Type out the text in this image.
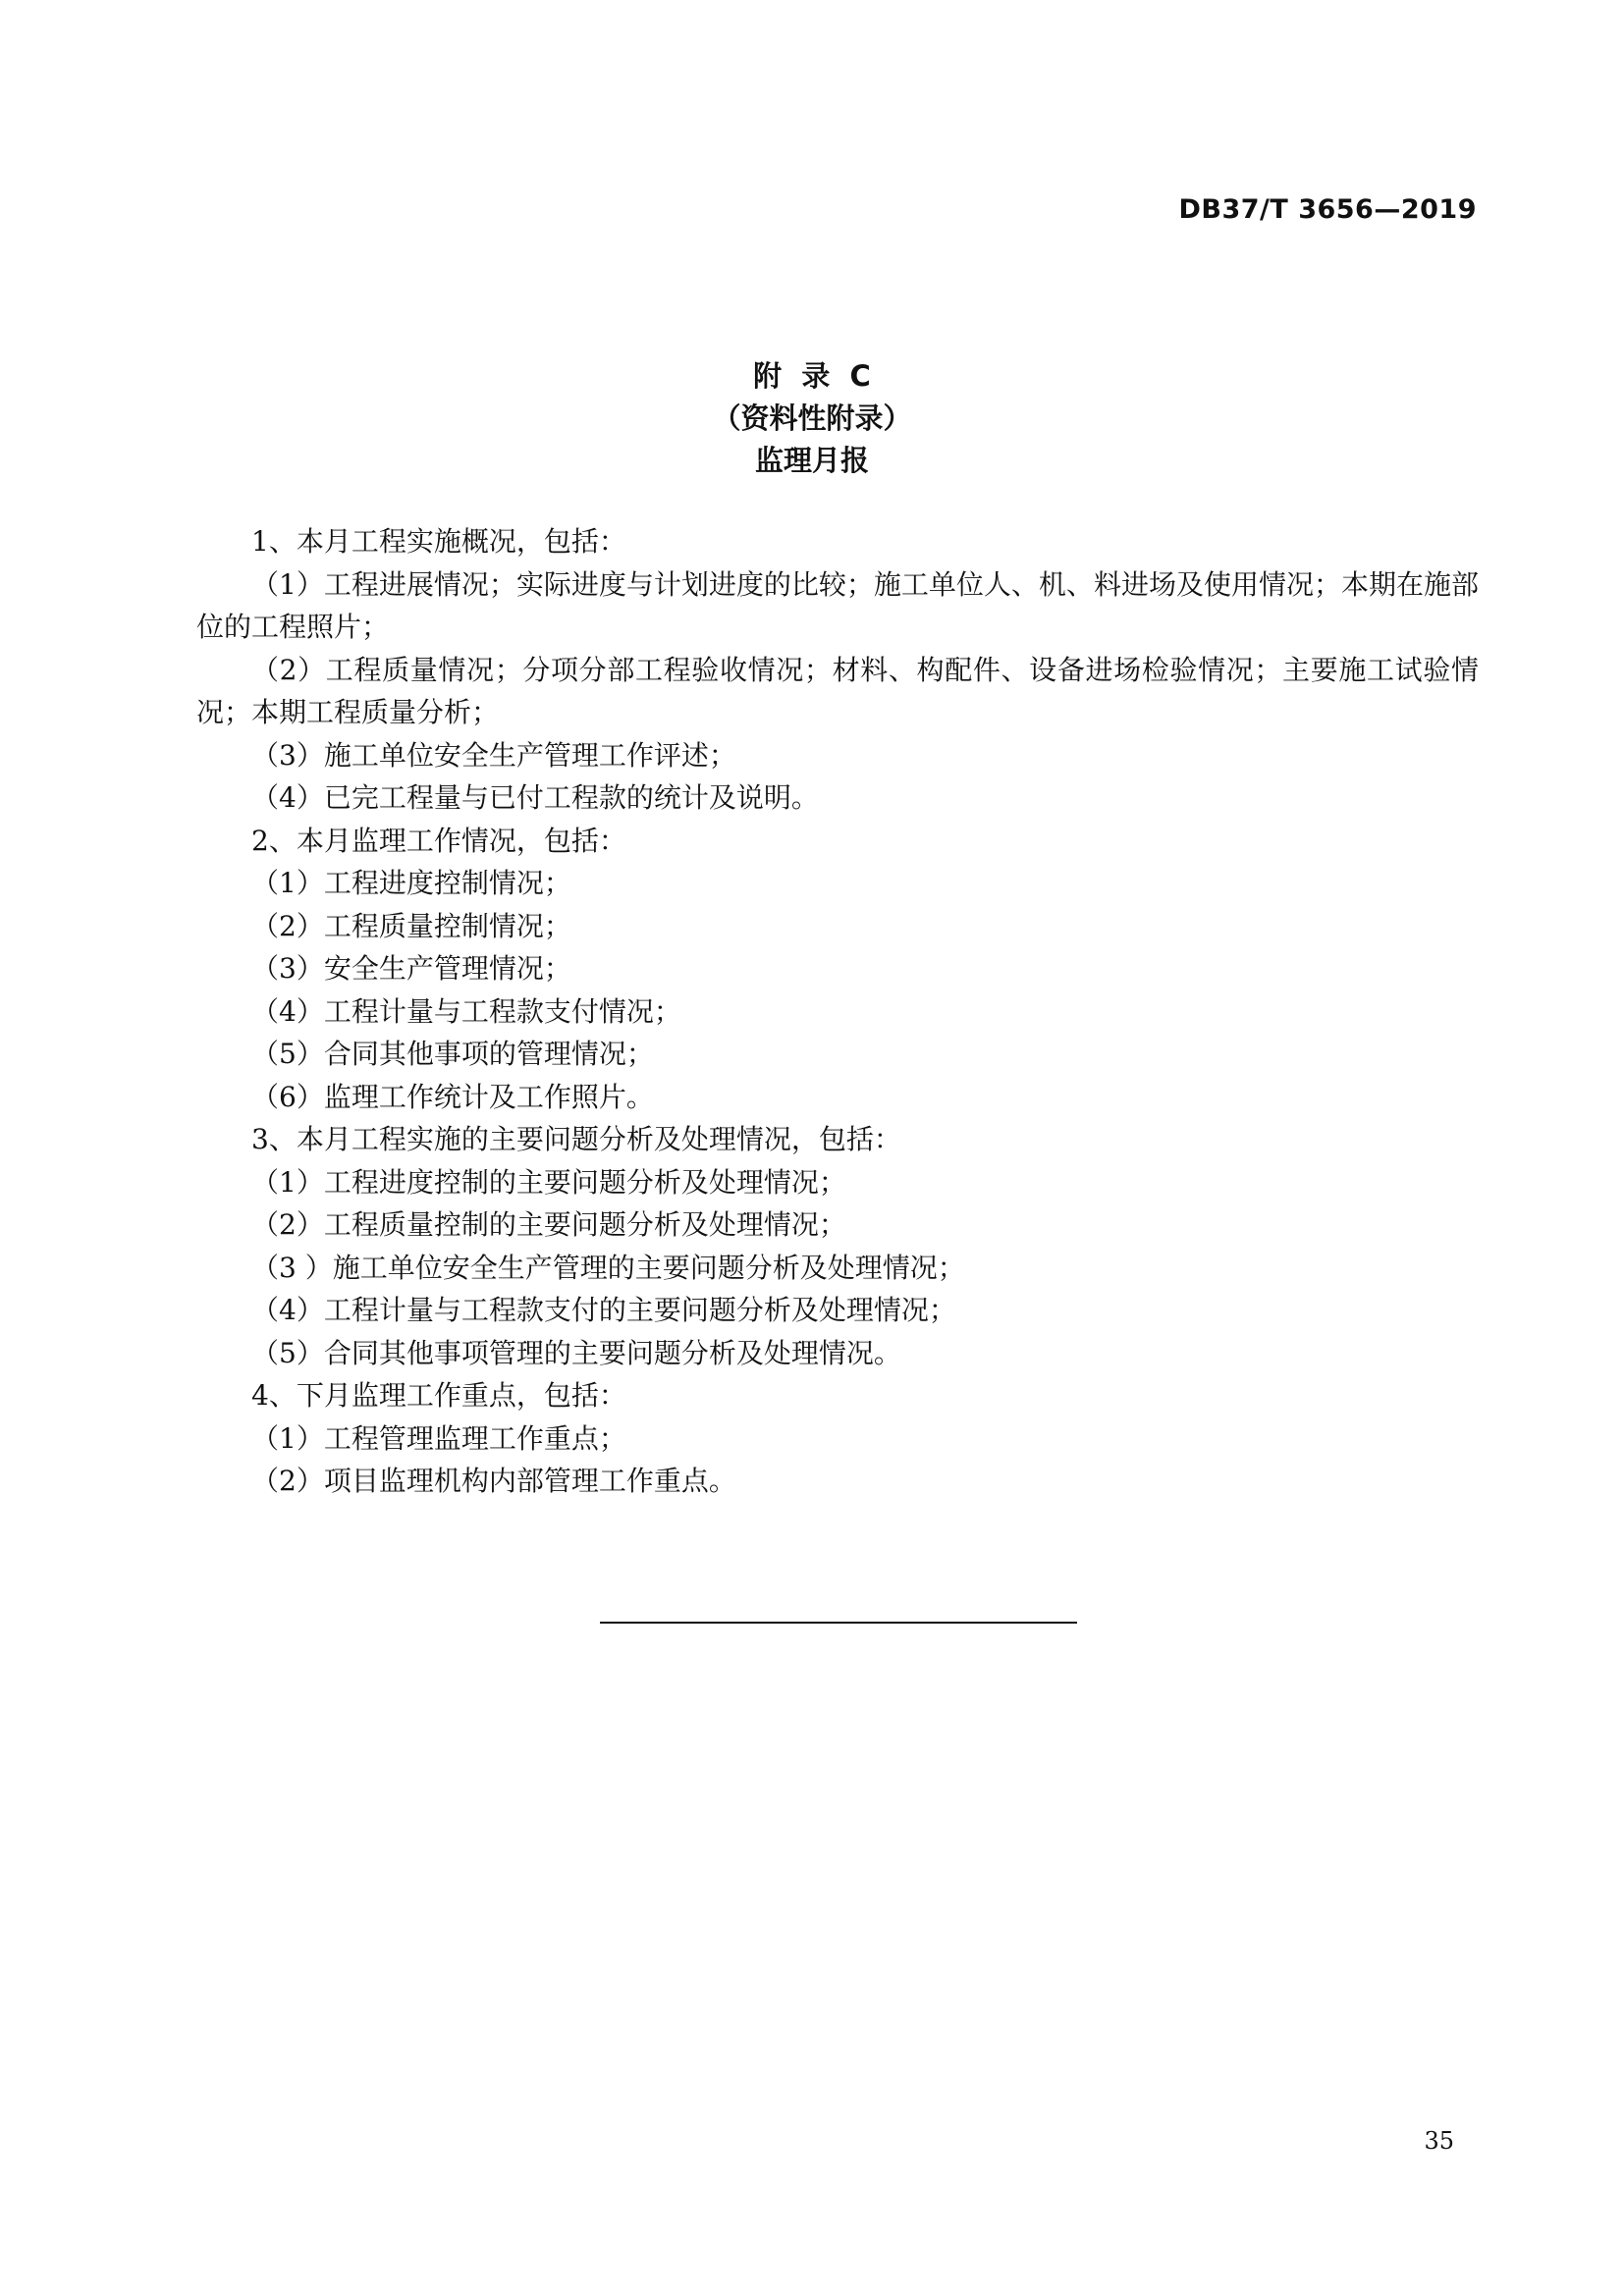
DB37/T 3656—2019
附  录  C
（资料性附录）
监理月报

1、本月工程实施概况，包括：

（1）工程进展情况；实际进度与计划进度的比较；施工单位人、机、料进场及使用情况；本期在施部位的工程照片；

（2）工程质量情况；分项分部工程验收情况；材料、构配件、设备进场检验情况；主要施工试验情况；本期工程质量分析；

（3）施工单位安全生产管理工作评述；

（4）已完工程量与已付工程款的统计及说明。

2、本月监理工作情况，包括：

（1）工程进度控制情况；

（2）工程质量控制情况；

（3）安全生产管理情况；

（4）工程计量与工程款支付情况；

（5）合同其他事项的管理情况；

（6）监理工作统计及工作照片。

3、本月工程实施的主要问题分析及处理情况，包括：

（1）工程进度控制的主要问题分析及处理情况；

（2）工程质量控制的主要问题分析及处理情况；

（3 ）施工单位安全生产管理的主要问题分析及处理情况；

（4）工程计量与工程款支付的主要问题分析及处理情况；

（5）合同其他事项管理的主要问题分析及处理情况。

4、下月监理工作重点，包括：

（1）工程管理监理工作重点；

（2）项目监理机构内部管理工作重点。

35
